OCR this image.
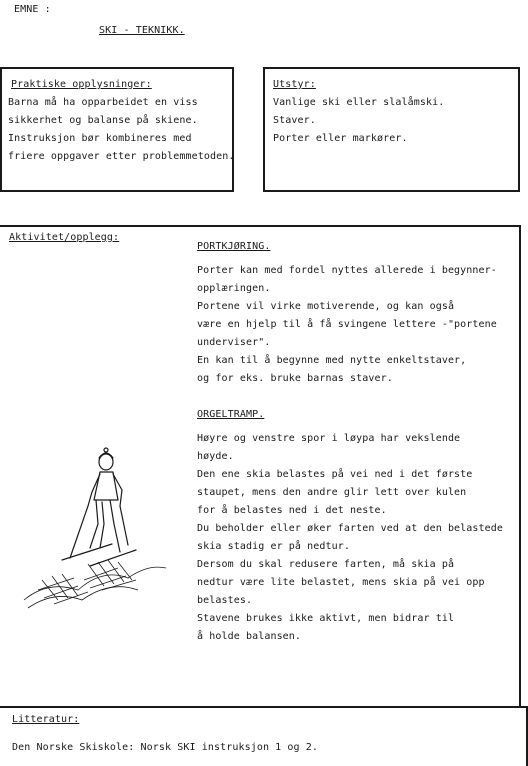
EMNE :
SKI - TEKNIKK.
Praktiske opplysninger:
Barna må ha opparbeidet en viss
sikkerhet og balanse på skiene.
Instruksjon bør kombineres med
friere oppgaver etter problemmetoden.
Utstyr:
Vanlige ski eller slalåmski.
Staver.
Porter eller markører.
Aktivitet/opplegg:
PORTKJØRING.
Porter kan med fordel nyttes allerede i begynner-
opplæringen.
Portene vil virke motiverende, og kan også
være en hjelp til å få svingene lettere -"portene
underviser".
En kan til å begynne med nytte enkeltstaver,
og for eks. bruke barnas staver.
ORGELTRAMP.
Høyre og venstre spor i løypa har vekslende
høyde.
Den ene skia belastes på vei ned i det første
staupet, mens den andre glir lett over kulen
for å belastes ned i det neste.
Du beholder eller øker farten ved at den belastede
skia stadig er på nedtur.
Dersom du skal redusere farten, må skia på
nedtur være lite belastet, mens skia på vei opp
belastes.
Stavene brukes ikke aktivt, men bidrar til
å holde balansen.
Litteratur:
Den Norske Skiskole: Norsk SKI instruksjon 1 og 2.
